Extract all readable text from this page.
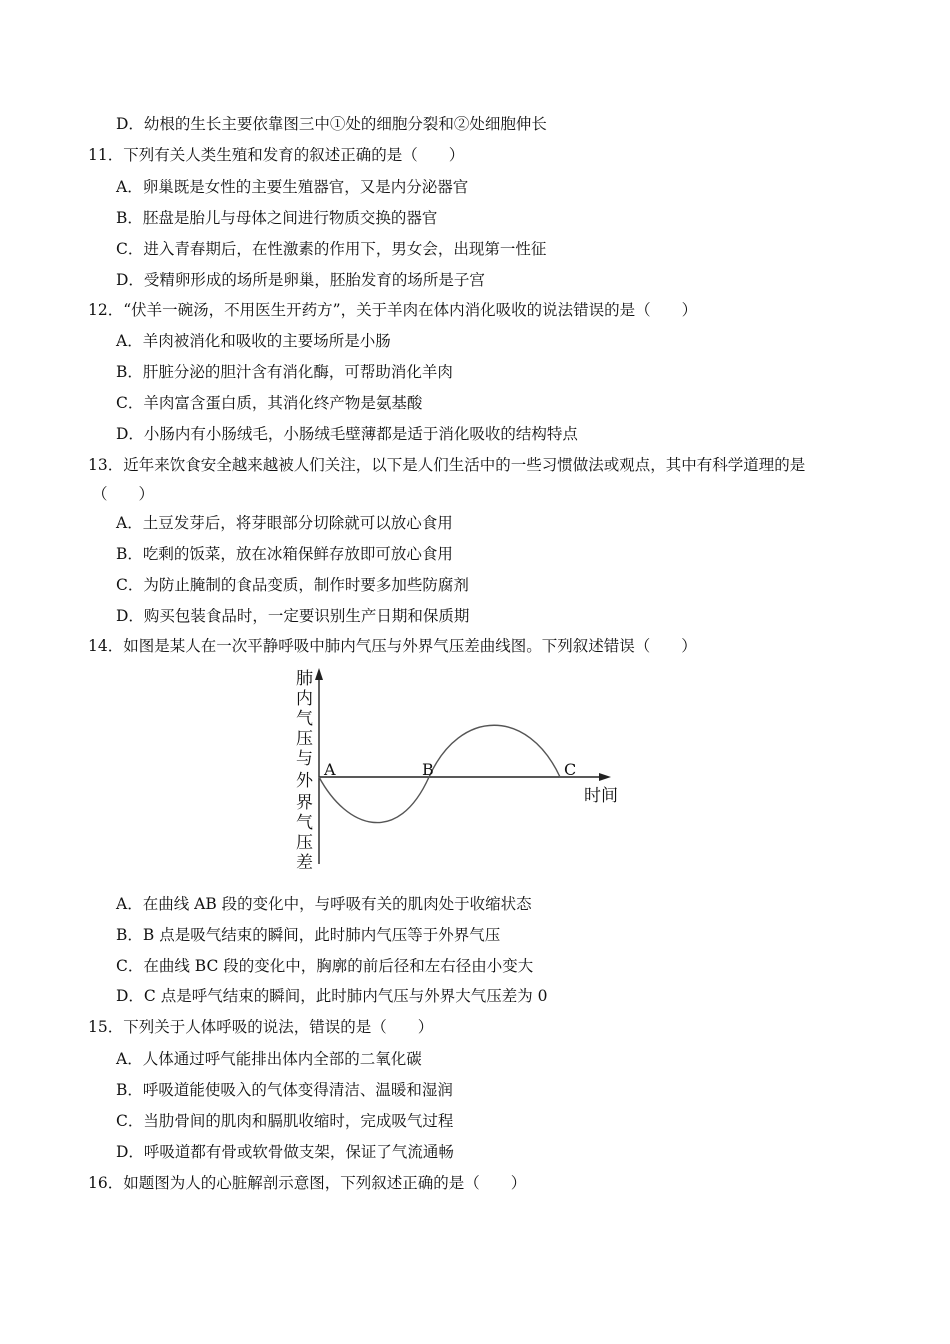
D．幼根的生长主要依靠图三中①处的细胞分裂和②处细胞伸长
11．下列有关人类生殖和发育的叙述正确的是（　　）
A．卵巢既是女性的主要生殖器官，又是内分泌器官
B．胚盘是胎儿与母体之间进行物质交换的器官
C．进入青春期后，在性激素的作用下，男女会，出现第一性征
D．受精卵形成的场所是卵巢，胚胎发育的场所是子宫
12．“伏羊一碗汤，不用医生开药方”，关于羊肉在体内消化吸收的说法错误的是（　　）
A．羊肉被消化和吸收的主要场所是小肠
B．肝脏分泌的胆汁含有消化酶，可帮助消化羊肉
C．羊肉富含蛋白质，其消化终产物是氨基酸
D．小肠内有小肠绒毛，小肠绒毛壁薄都是适于消化吸收的结构特点
13．近年来饮食安全越来越被人们关注，以下是人们生活中的一些习惯做法或观点，其中有科学道理的是
（　　）
A．土豆发芽后，将芽眼部分切除就可以放心食用
B．吃剩的饭菜，放在冰箱保鲜存放即可放心食用
C．为防止腌制的食品变质，制作时要多加些防腐剂
D．购买包装食品时，一定要识别生产日期和保质期
14．如图是某人在一次平静呼吸中肺内气压与外界气压差曲线图。下列叙述错误（　　）
肺
内
气
压
与
外
界
气
压
差
A	B	C
时间
A．在曲线 AB 段的变化中，与呼吸有关的肌肉处于收缩状态
B．B 点是吸气结束的瞬间，此时肺内气压等于外界气压
C．在曲线 BC 段的变化中，胸廓的前后径和左右径由小变大
D．C 点是呼气结束的瞬间，此时肺内气压与外界大气压差为 0
15．下列关于人体呼吸的说法，错误的是（　　）
A．人体通过呼气能排出体内全部的二氧化碳
B．呼吸道能使吸入的气体变得清洁、温暖和湿润
C．当肋骨间的肌肉和膈肌收缩时，完成吸气过程
D．呼吸道都有骨或软骨做支架，保证了气流通畅
16．如题图为人的心脏解剖示意图，下列叙述正确的是（　　）
